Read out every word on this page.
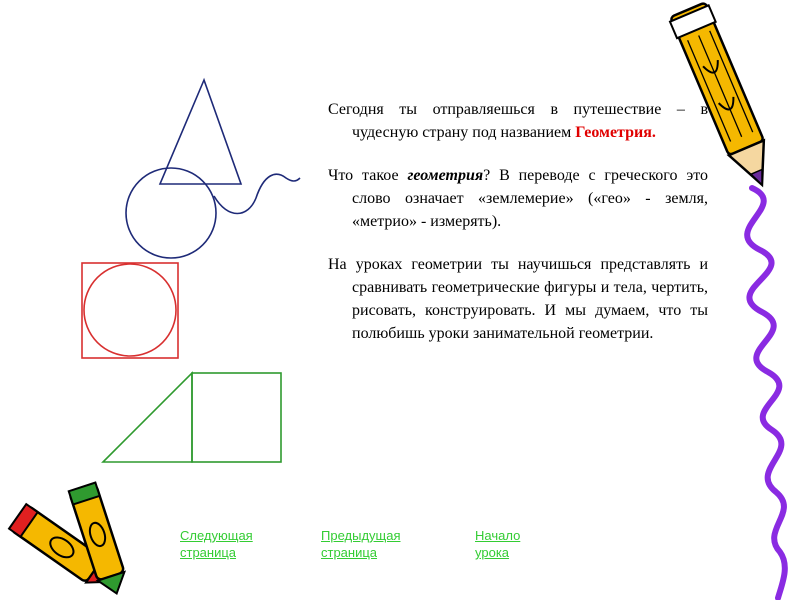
Сегодня ты отправляешься в путешествие – в чудесную страну под названием Геометрия.

Что такое геометрия? В переводе с греческого это слово означает «землемерие» («гео» - земля, «метрио» - измерять).

На уроках геометрии ты научишься представлять и сравнивать геометрические фигуры и тела, чертить, рисовать, конструировать. И мы думаем, что ты полюбишь уроки занимательной геометрии.

Следующая
страница
Предыдущая
страница
Начало
урока
